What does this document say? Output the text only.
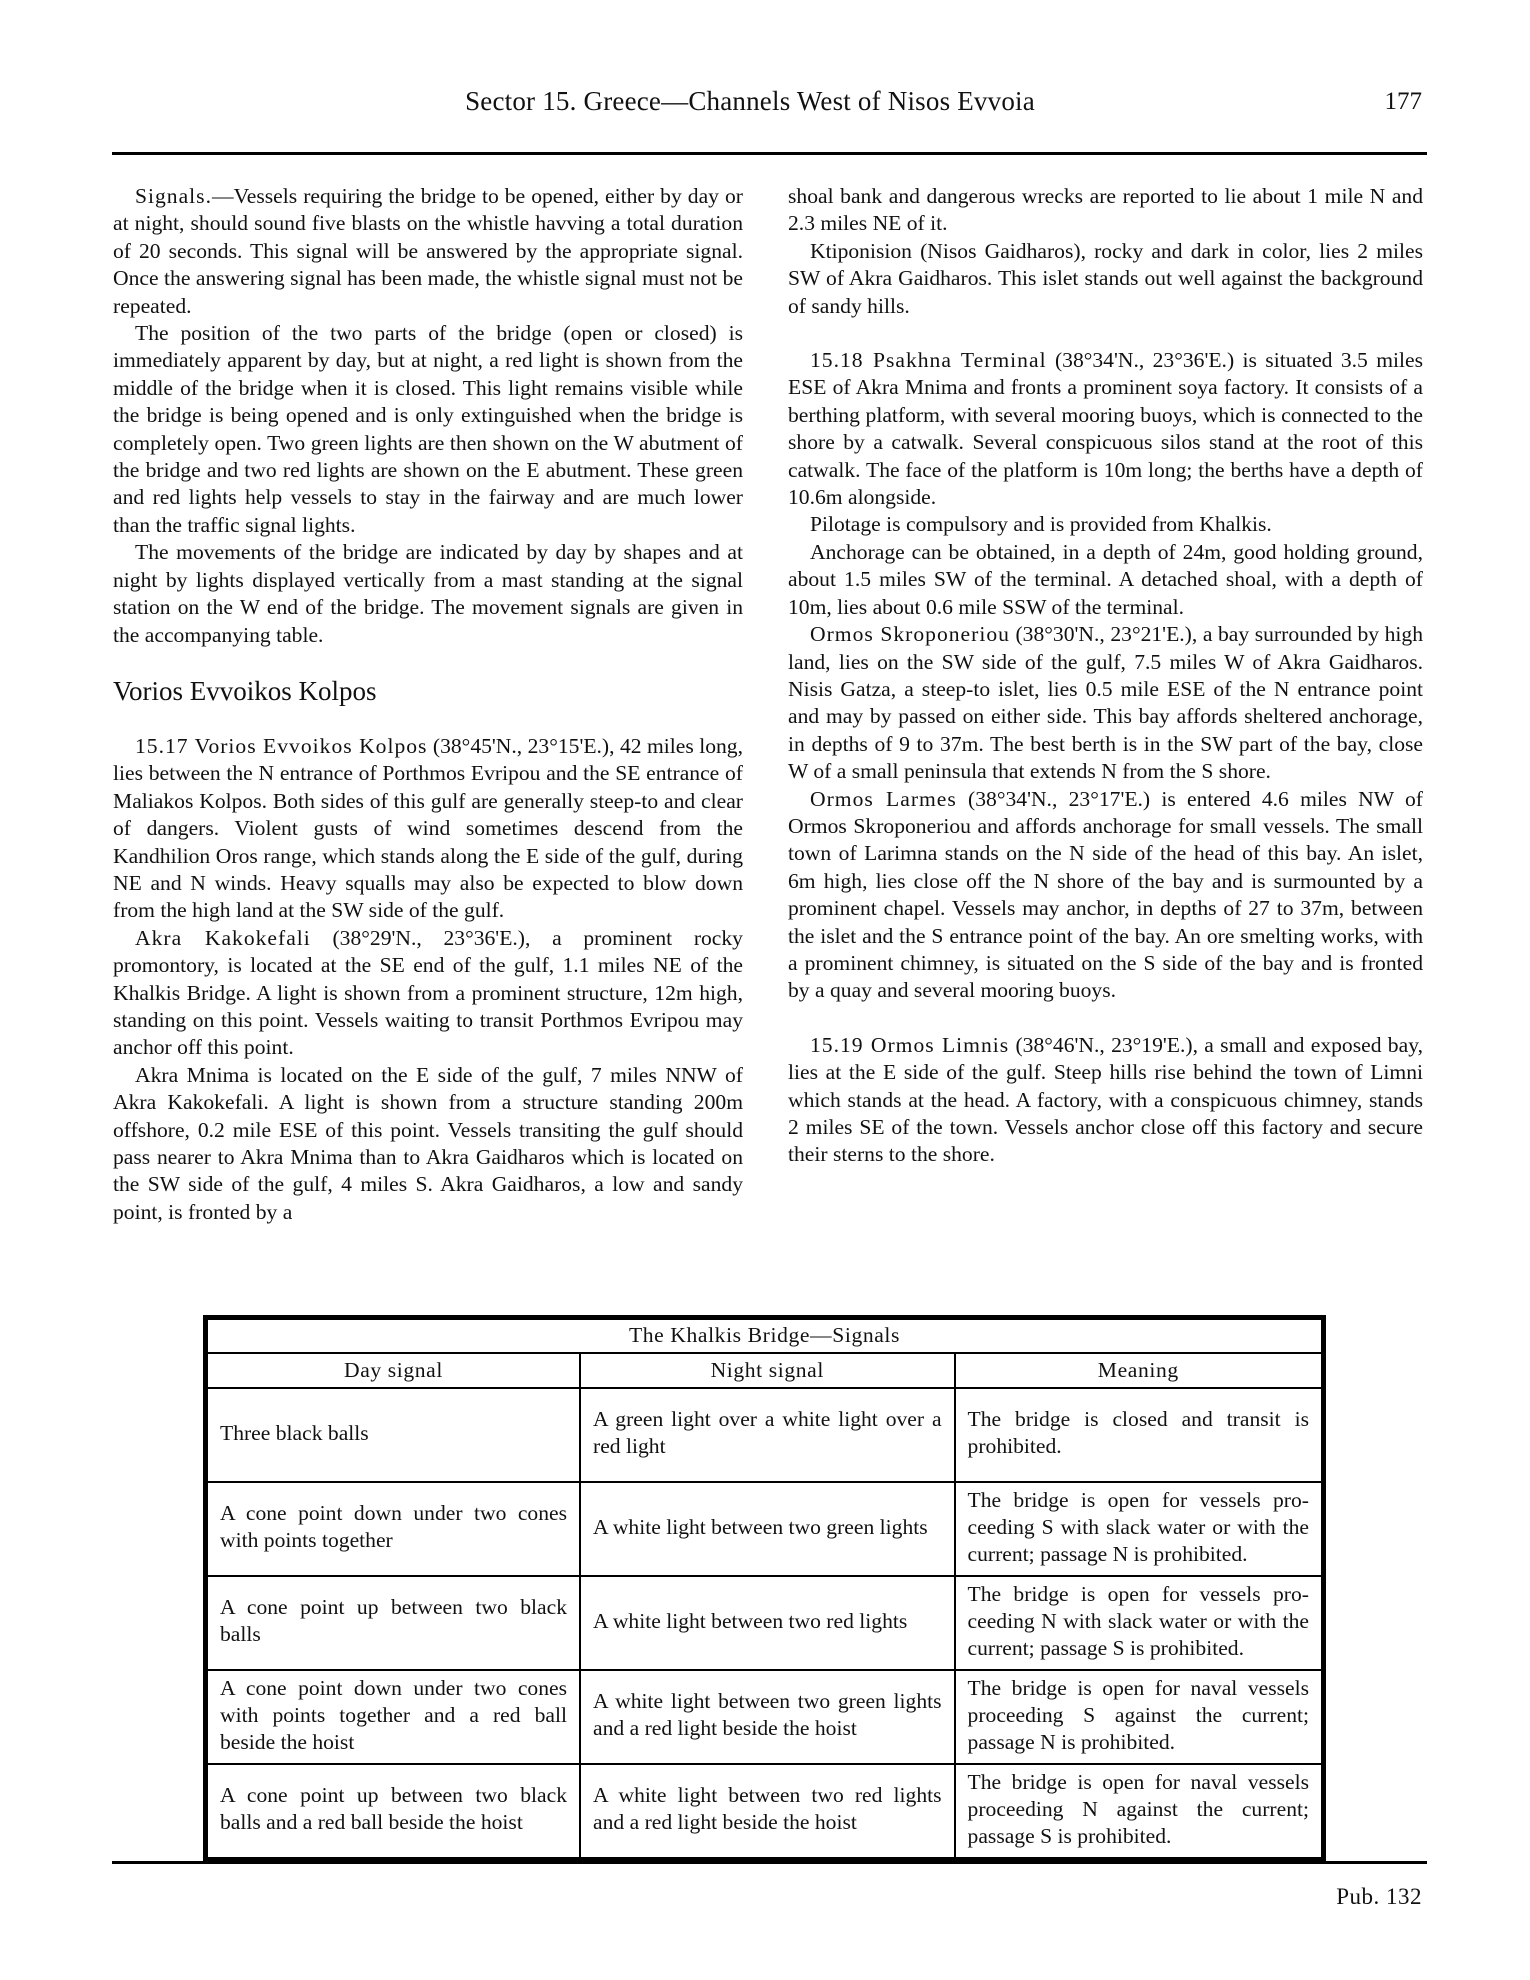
Sector 15. Greece—Channels West of Nisos Evvoia	177

Signals.—Vessels requiring the bridge to be opened, either by day or at night, should sound five blasts on the whistle havving a total duration of 20 seconds. This signal will be answered by the appropriate signal. Once the answering signal has been made, the whistle signal must not be repeated.

The position of the two parts of the bridge (open or closed) is immediately apparent by day, but at night, a red light is shown from the middle of the bridge when it is closed. This light remains visible while the bridge is being opened and is only extinguished when the bridge is completely open. Two green lights are then shown on the W abutment of the bridge and two red lights are shown on the E abutment. These green and red lights help vessels to stay in the fairway and are much lower than the traffic signal lights.

The movements of the bridge are indicated by day by shapes and at night by lights displayed vertically from a mast standing at the signal station on the W end of the bridge. The movement signals are given in the accompanying table.

Vorios Evvoikos Kolpos

15.17 Vorios Evvoikos Kolpos (38°45'N., 23°15'E.), 42 miles long, lies between the N entrance of Porthmos Evripou and the SE entrance of Maliakos Kolpos. Both sides of this gulf are generally steep-to and clear of dangers. Violent gusts of wind sometimes descend from the Kandhilion Oros range, which stands along the E side of the gulf, during NE and N winds. Heavy squalls may also be expected to blow down from the high land at the SW side of the gulf.

Akra Kakokefali (38°29'N., 23°36'E.), a prominent rocky promontory, is located at the SE end of the gulf, 1.1 miles NE of the Khalkis Bridge. A light is shown from a prominent structure, 12m high, standing on this point. Vessels waiting to transit Porthmos Evripou may anchor off this point.

Akra Mnima is located on the E side of the gulf, 7 miles NNW of Akra Kakokefali. A light is shown from a structure standing 200m offshore, 0.2 mile ESE of this point. Vessels transiting the gulf should pass nearer to Akra Mnima than to Akra Gaidharos which is located on the SW side of the gulf, 4 miles S. Akra Gaidharos, a low and sandy point, is fronted by a

shoal bank and dangerous wrecks are reported to lie about 1 mile N and 2.3 miles NE of it.

Ktiponision (Nisos Gaidharos), rocky and dark in color, lies 2 miles SW of Akra Gaidharos. This islet stands out well against the background of sandy hills.

15.18 Psakhna Terminal (38°34'N., 23°36'E.) is situated 3.5 miles ESE of Akra Mnima and fronts a prominent soya factory. It consists of a berthing platform, with several mooring buoys, which is connected to the shore by a catwalk. Several conspicuous silos stand at the root of this catwalk. The face of the platform is 10m long; the berths have a depth of 10.6m alongside.

Pilotage is compulsory and is provided from Khalkis.

Anchorage can be obtained, in a depth of 24m, good holding ground, about 1.5 miles SW of the terminal. A detached shoal, with a depth of 10m, lies about 0.6 mile SSW of the terminal.

Ormos Skroponeriou (38°30'N., 23°21'E.), a bay surrounded by high land, lies on the SW side of the gulf, 7.5 miles W of Akra Gaidharos. Nisis Gatza, a steep-to islet, lies 0.5 mile ESE of the N entrance point and may by passed on either side. This bay affords sheltered anchorage, in depths of 9 to 37m. The best berth is in the SW part of the bay, close W of a small peninsula that extends N from the S shore.

Ormos Larmes (38°34'N., 23°17'E.) is entered 4.6 miles NW of Ormos Skroponeriou and affords anchorage for small vessels. The small town of Larimna stands on the N side of the head of this bay. An islet, 6m high, lies close off the N shore of the bay and is surmounted by a prominent chapel. Vessels may anchor, in depths of 27 to 37m, between the islet and the S entrance point of the bay. An ore smelting works, with a prominent chimney, is situated on the S side of the bay and is fronted by a quay and several mooring buoys.

15.19 Ormos Limnis (38°46'N., 23°19'E.), a small and exposed bay, lies at the E side of the gulf. Steep hills rise behind the town of Limni which stands at the head. A factory, with a conspicuous chimney, stands 2 miles SE of the town. Vessels anchor close off this factory and secure their sterns to the shore.

The Khalkis Bridge—Signals		
Day signal	Night signal	Meaning
Three black balls	A green light over a white light over a red light	The bridge is closed and transit is prohibited.
A cone point down under two cones with points together	A white light between two green lights	The bridge is open for vessels proceeding S with slack water or with the current; passage N is prohibited.
A cone point up between two black balls	A white light between two red lights	The bridge is open for vessels proceeding N with slack water or with the current; passage S is prohibited.
A cone point down under two cones with points together and a red ball beside the hoist	A white light between two green lights and a red light beside the hoist	The bridge is open for naval vessels proceeding S against the current; passage N is prohibited.
A cone point up between two black balls and a red ball beside the hoist	A white light between two red lights and a red light beside the hoist	The bridge is open for naval vessels proceeding N against the current; passage S is prohibited.
Pub. 132
